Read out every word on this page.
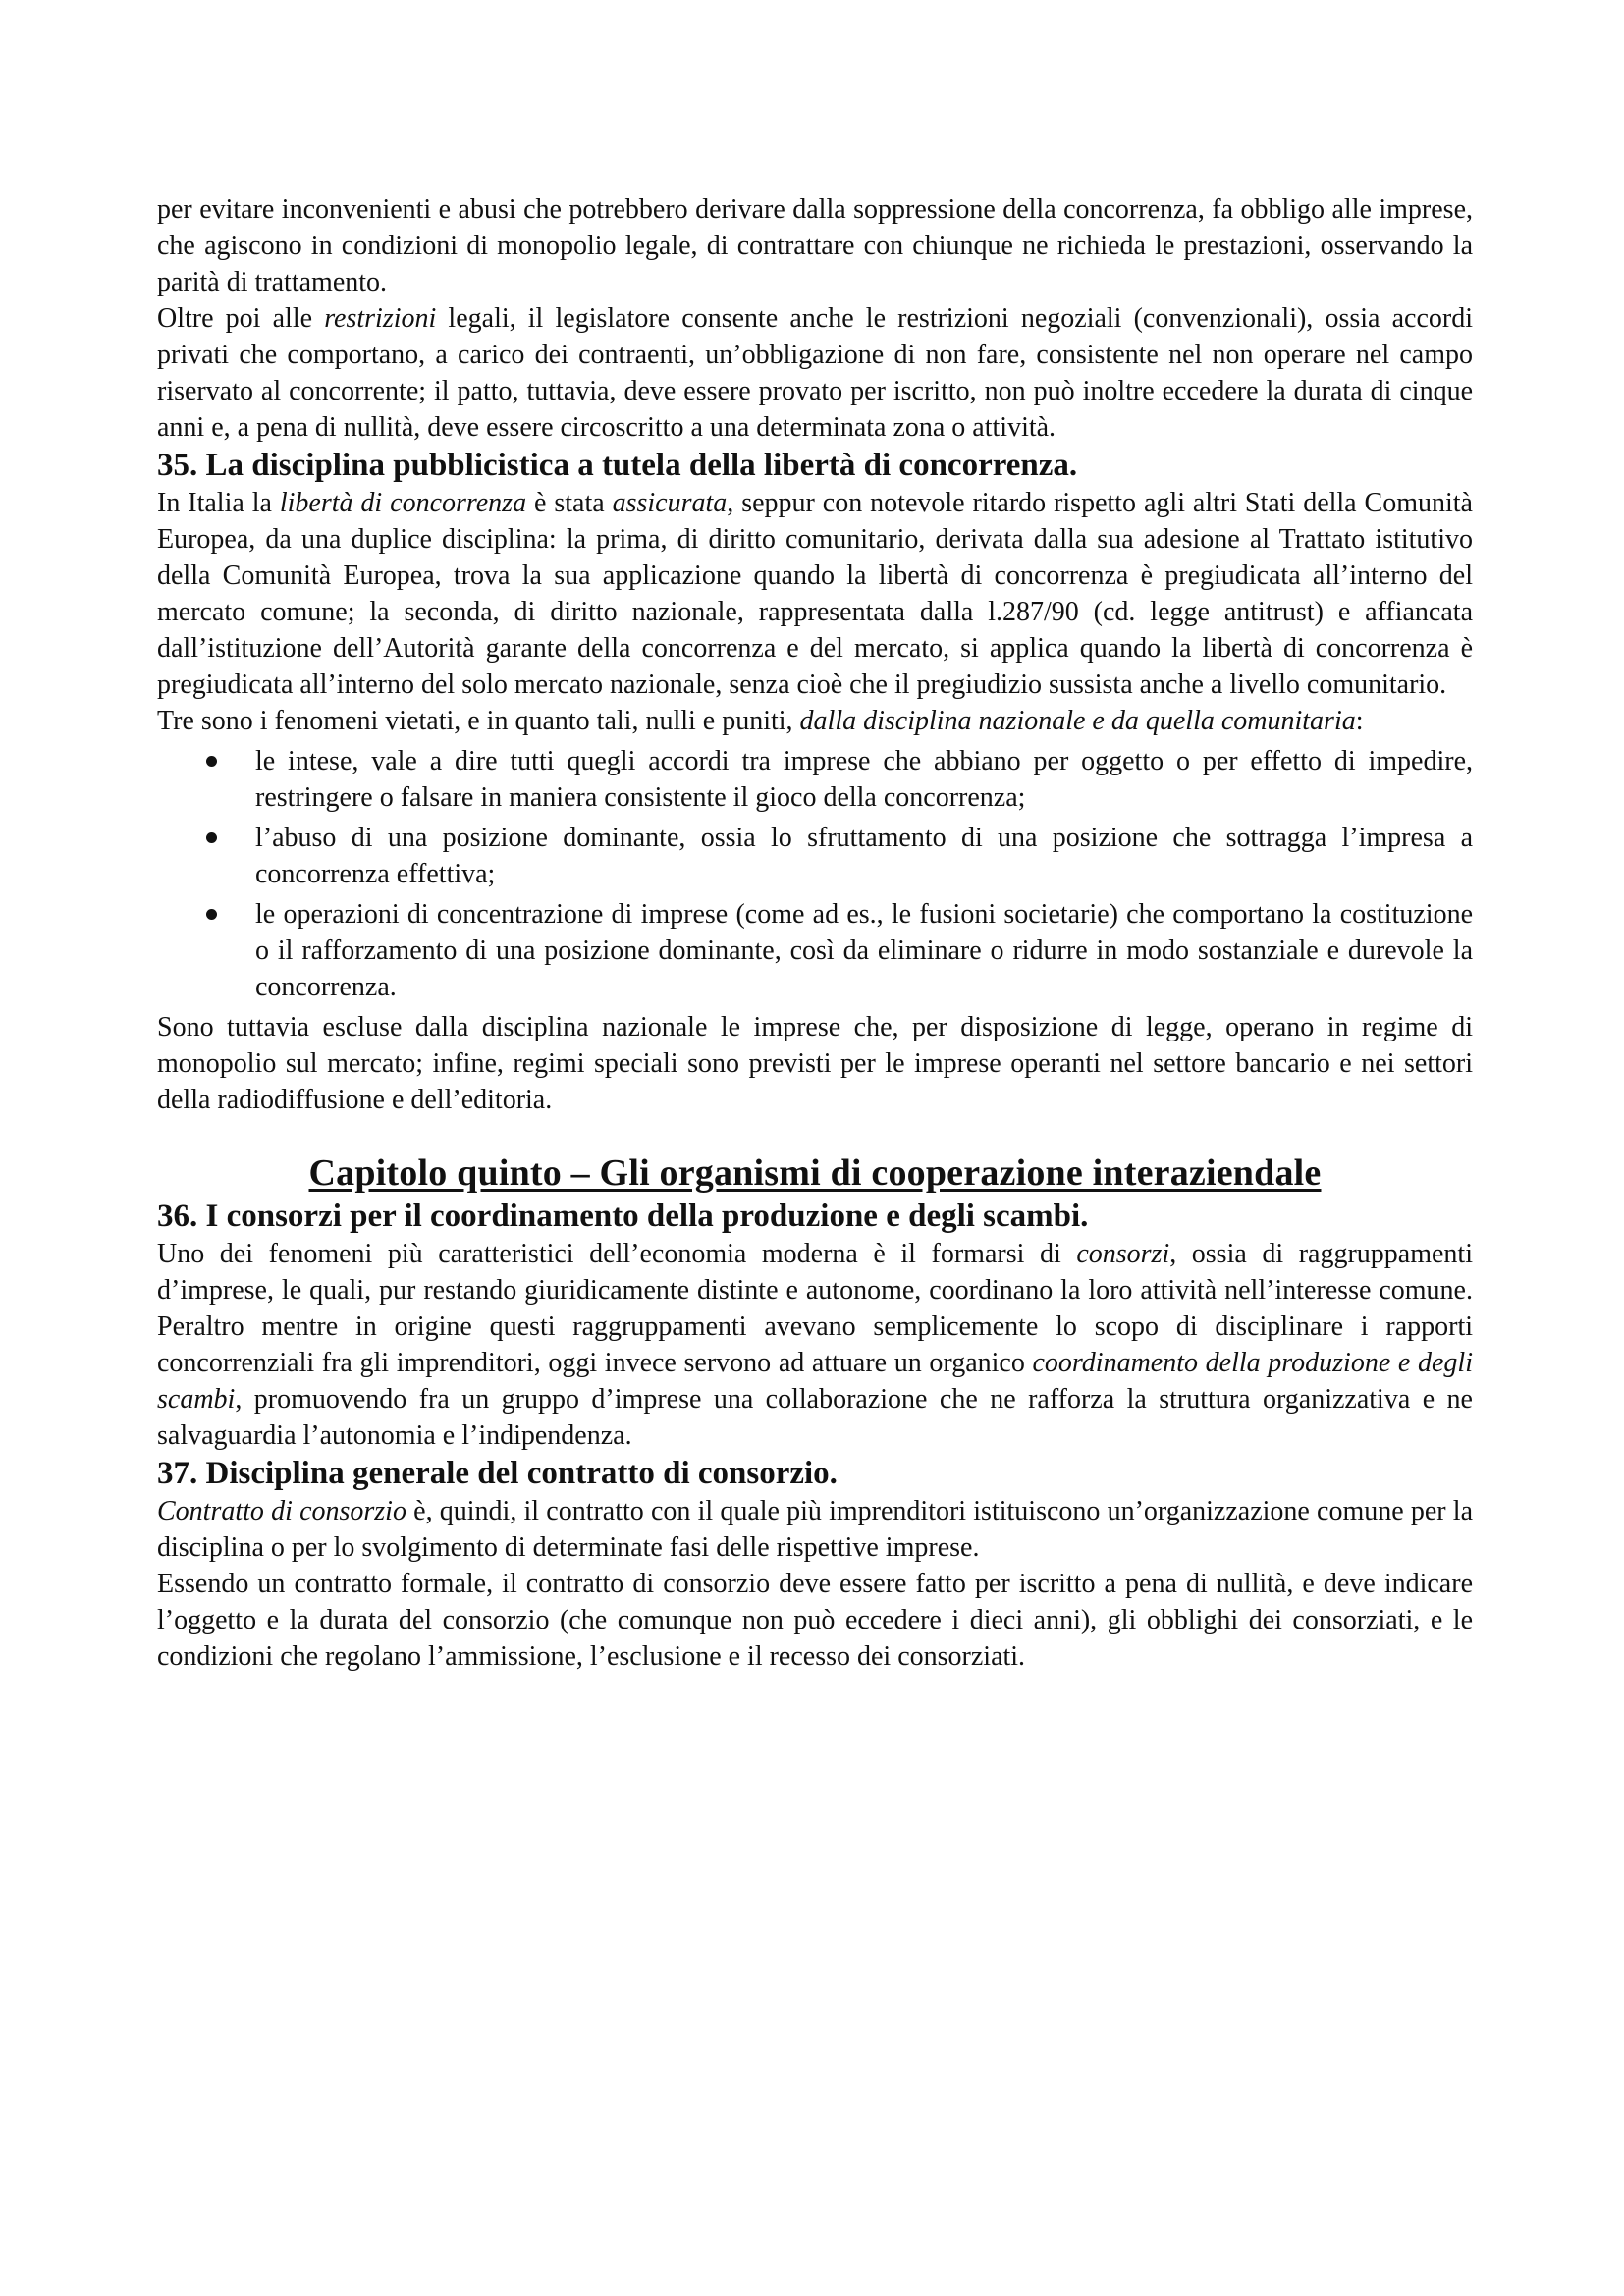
per evitare inconvenienti e abusi che potrebbero derivare dalla soppressione della concorrenza, fa obbligo alle imprese, che agiscono in condizioni di monopolio legale, di contrattare con chiunque ne richieda le prestazioni, osservando la parità di trattamento.

Oltre poi alle restrizioni legali, il legislatore consente anche le restrizioni negoziali (convenzionali), ossia accordi privati che comportano, a carico dei contraenti, un’obbligazione di non fare, consistente nel non operare nel campo riservato al concorrente; il patto, tuttavia, deve essere provato per iscritto, non può inoltre eccedere la durata di cinque anni e, a pena di nullità, deve essere circoscritto a una determinata zona o attività.

35. La disciplina pubblicistica a tutela della libertà di concorrenza.

In Italia la libertà di concorrenza è stata assicurata, seppur con notevole ritardo rispetto agli altri Stati della Comunità Europea, da una duplice disciplina: la prima, di diritto comunitario, derivata dalla sua adesione al Trattato istitutivo della Comunità Europea, trova la sua applicazione quando la libertà di concorrenza è pregiudicata all’interno del mercato comune; la seconda, di diritto nazionale, rappresentata dalla l.287/90 (cd. legge antitrust) e affiancata dall’istituzione dell’Autorità garante della concorrenza e del mercato, si applica quando la libertà di concorrenza è pregiudicata all’interno del solo mercato nazionale, senza cioè che il pregiudizio sussista anche a livello comunitario.

Tre sono i fenomeni vietati, e in quanto tali, nulli e puniti, dalla disciplina nazionale e da quella comunitaria:

le intese, vale a dire tutti quegli accordi tra imprese che abbiano per oggetto o per effetto di impedire, restringere o falsare in maniera consistente il gioco della concorrenza;
l’abuso di una posizione dominante, ossia lo sfruttamento di una posizione che sottragga l’impresa a concorrenza effettiva;
le operazioni di concentrazione di imprese (come ad es., le fusioni societarie) che comportano la costituzione o il rafforzamento di una posizione dominante, così da eliminare o ridurre in modo sostanziale e durevole la concorrenza.

Sono tuttavia escluse dalla disciplina nazionale le imprese che, per disposizione di legge, operano in regime di monopolio sul mercato; infine, regimi speciali sono previsti per le imprese operanti nel settore bancario e nei settori della radiodiffusione e dell’editoria.

Capitolo quinto – Gli organismi di cooperazione interaziendale
36. I consorzi per il coordinamento della produzione e degli scambi.

Uno dei fenomeni più caratteristici dell’economia moderna è il formarsi di consorzi, ossia di raggruppamenti d’imprese, le quali, pur restando giuridicamente distinte e autonome, coordinano la loro attività nell’interesse comune. Peraltro mentre in origine questi raggruppamenti avevano semplicemente lo scopo di disciplinare i rapporti concorrenziali fra gli imprenditori, oggi invece servono ad attuare un organico coordinamento della produzione e degli scambi, promuovendo fra un gruppo d’imprese una collaborazione che ne rafforza la struttura organizzativa e ne salvaguardia l’autonomia e l’indipendenza.

37. Disciplina generale del contratto di consorzio.

Contratto di consorzio è, quindi, il contratto con il quale più imprenditori istituiscono un’organizzazione comune per la disciplina o per lo svolgimento di determinate fasi delle rispettive imprese.

Essendo un contratto formale, il contratto di consorzio deve essere fatto per iscritto a pena di nullità, e deve indicare l’oggetto e la durata del consorzio (che comunque non può eccedere i dieci anni), gli obblighi dei consorziati, e le condizioni che regolano l’ammissione, l’esclusione e il recesso dei consorziati.
